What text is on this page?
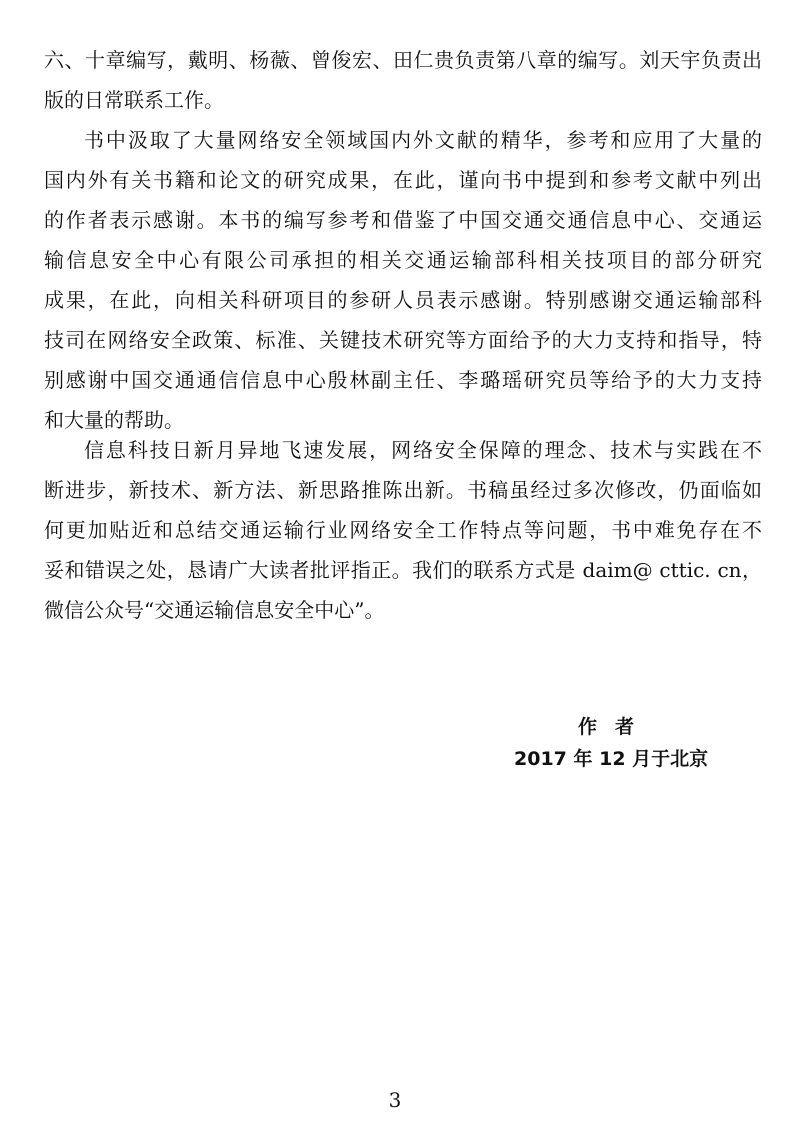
六、十章编写，戴明、杨薇、曾俊宏、田仁贵负责第八章的编写。刘天宇负责出
版的日常联系工作。
书中汲取了大量网络安全领域国内外文献的精华，参考和应用了大量的
国内外有关书籍和论文的研究成果，在此，谨向书中提到和参考文献中列出
的作者表示感谢。本书的编写参考和借鉴了中国交通交通信息中心、交通运
输信息安全中心有限公司承担的相关交通运输部科相关技项目的部分研究
成果，在此，向相关科研项目的参研人员表示感谢。特别感谢交通运输部科
技司在网络安全政策、标准、关键技术研究等方面给予的大力支持和指导，特
别感谢中国交通通信信息中心殷林副主任、李璐瑶研究员等给予的大力支持
和大量的帮助。
信息科技日新月异地飞速发展，网络安全保障的理念、技术与实践在不
断进步，新技术、新方法、新思路推陈出新。书稿虽经过多次修改，仍面临如
何更加贴近和总结交通运输行业网络安全工作特点等问题，书中难免存在不
妥和错误之处，恳请广大读者批评指正。我们的联系方式是 daim@ cttic. cn，
微信公众号“交通运输信息安全中心”。
作者
2017 年 12 月于北京
3
